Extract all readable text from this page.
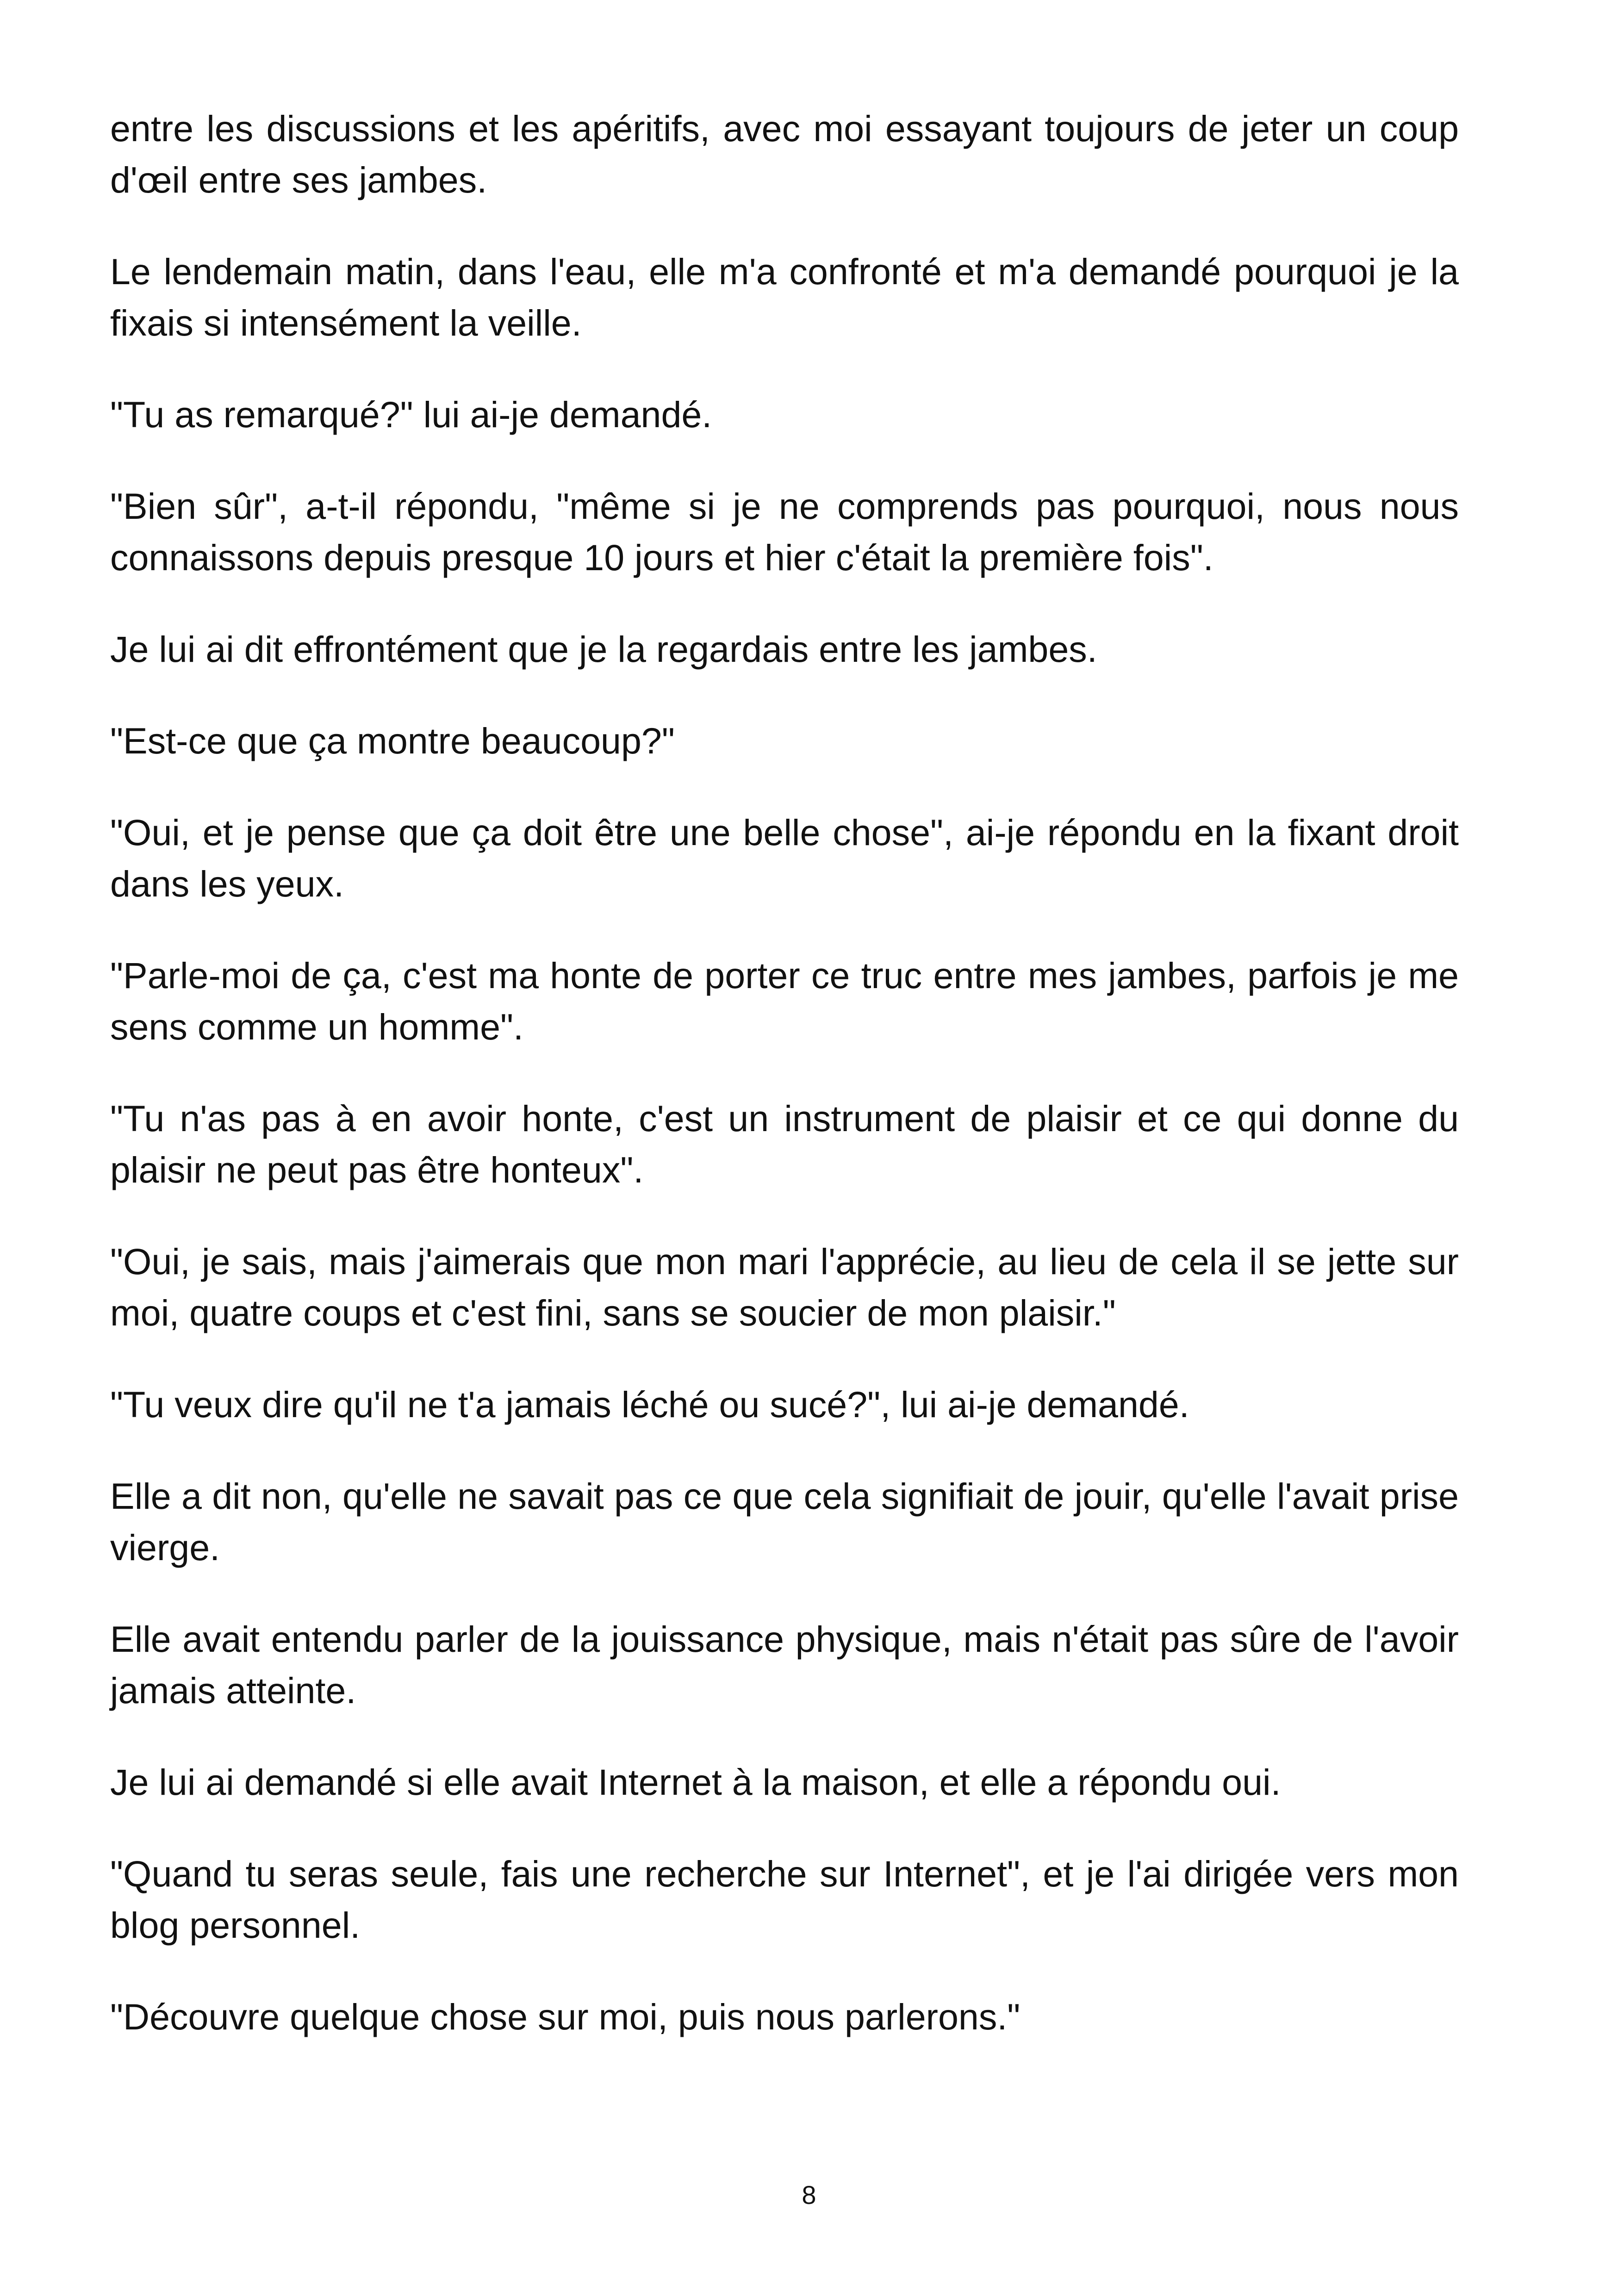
entre les discussions et les apéritifs, avec moi essayant toujours de jeter un coup d'œil entre ses jambes.

Le lendemain matin, dans l'eau, elle m'a confronté et m'a demandé pourquoi je la fixais si intensément la veille.

"Tu as remarqué?" lui ai-je demandé.

"Bien sûr", a-t-il répondu, "même si je ne comprends pas pourquoi, nous nous connaissons depuis presque 10 jours et hier c'était la première fois".

Je lui ai dit effrontément que je la regardais entre les jambes.

"Est-ce que ça montre beaucoup?"

"Oui, et je pense que ça doit être une belle chose", ai-je répondu en la fixant droit dans les yeux.

"Parle-moi de ça, c'est ma honte de porter ce truc entre mes jambes, parfois je me sens comme un homme".

"Tu n'as pas à en avoir honte, c'est un instrument de plaisir et ce qui donne du plaisir ne peut pas être honteux".

"Oui, je sais, mais j'aimerais que mon mari l'apprécie, au lieu de cela il se jette sur moi, quatre coups et c'est fini, sans se soucier de mon plaisir."

"Tu veux dire qu'il ne t'a jamais léché ou sucé?", lui ai-je demandé.

Elle a dit non, qu'elle ne savait pas ce que cela signifiait de jouir, qu'elle l'avait prise vierge.

Elle avait entendu parler de la jouissance physique, mais n'était pas sûre de l'avoir jamais atteinte.

Je lui ai demandé si elle avait Internet à la maison, et elle a répondu oui.

"Quand tu seras seule, fais une recherche sur Internet", et je l'ai dirigée vers mon blog personnel.

"Découvre quelque chose sur moi, puis nous parlerons."

8
